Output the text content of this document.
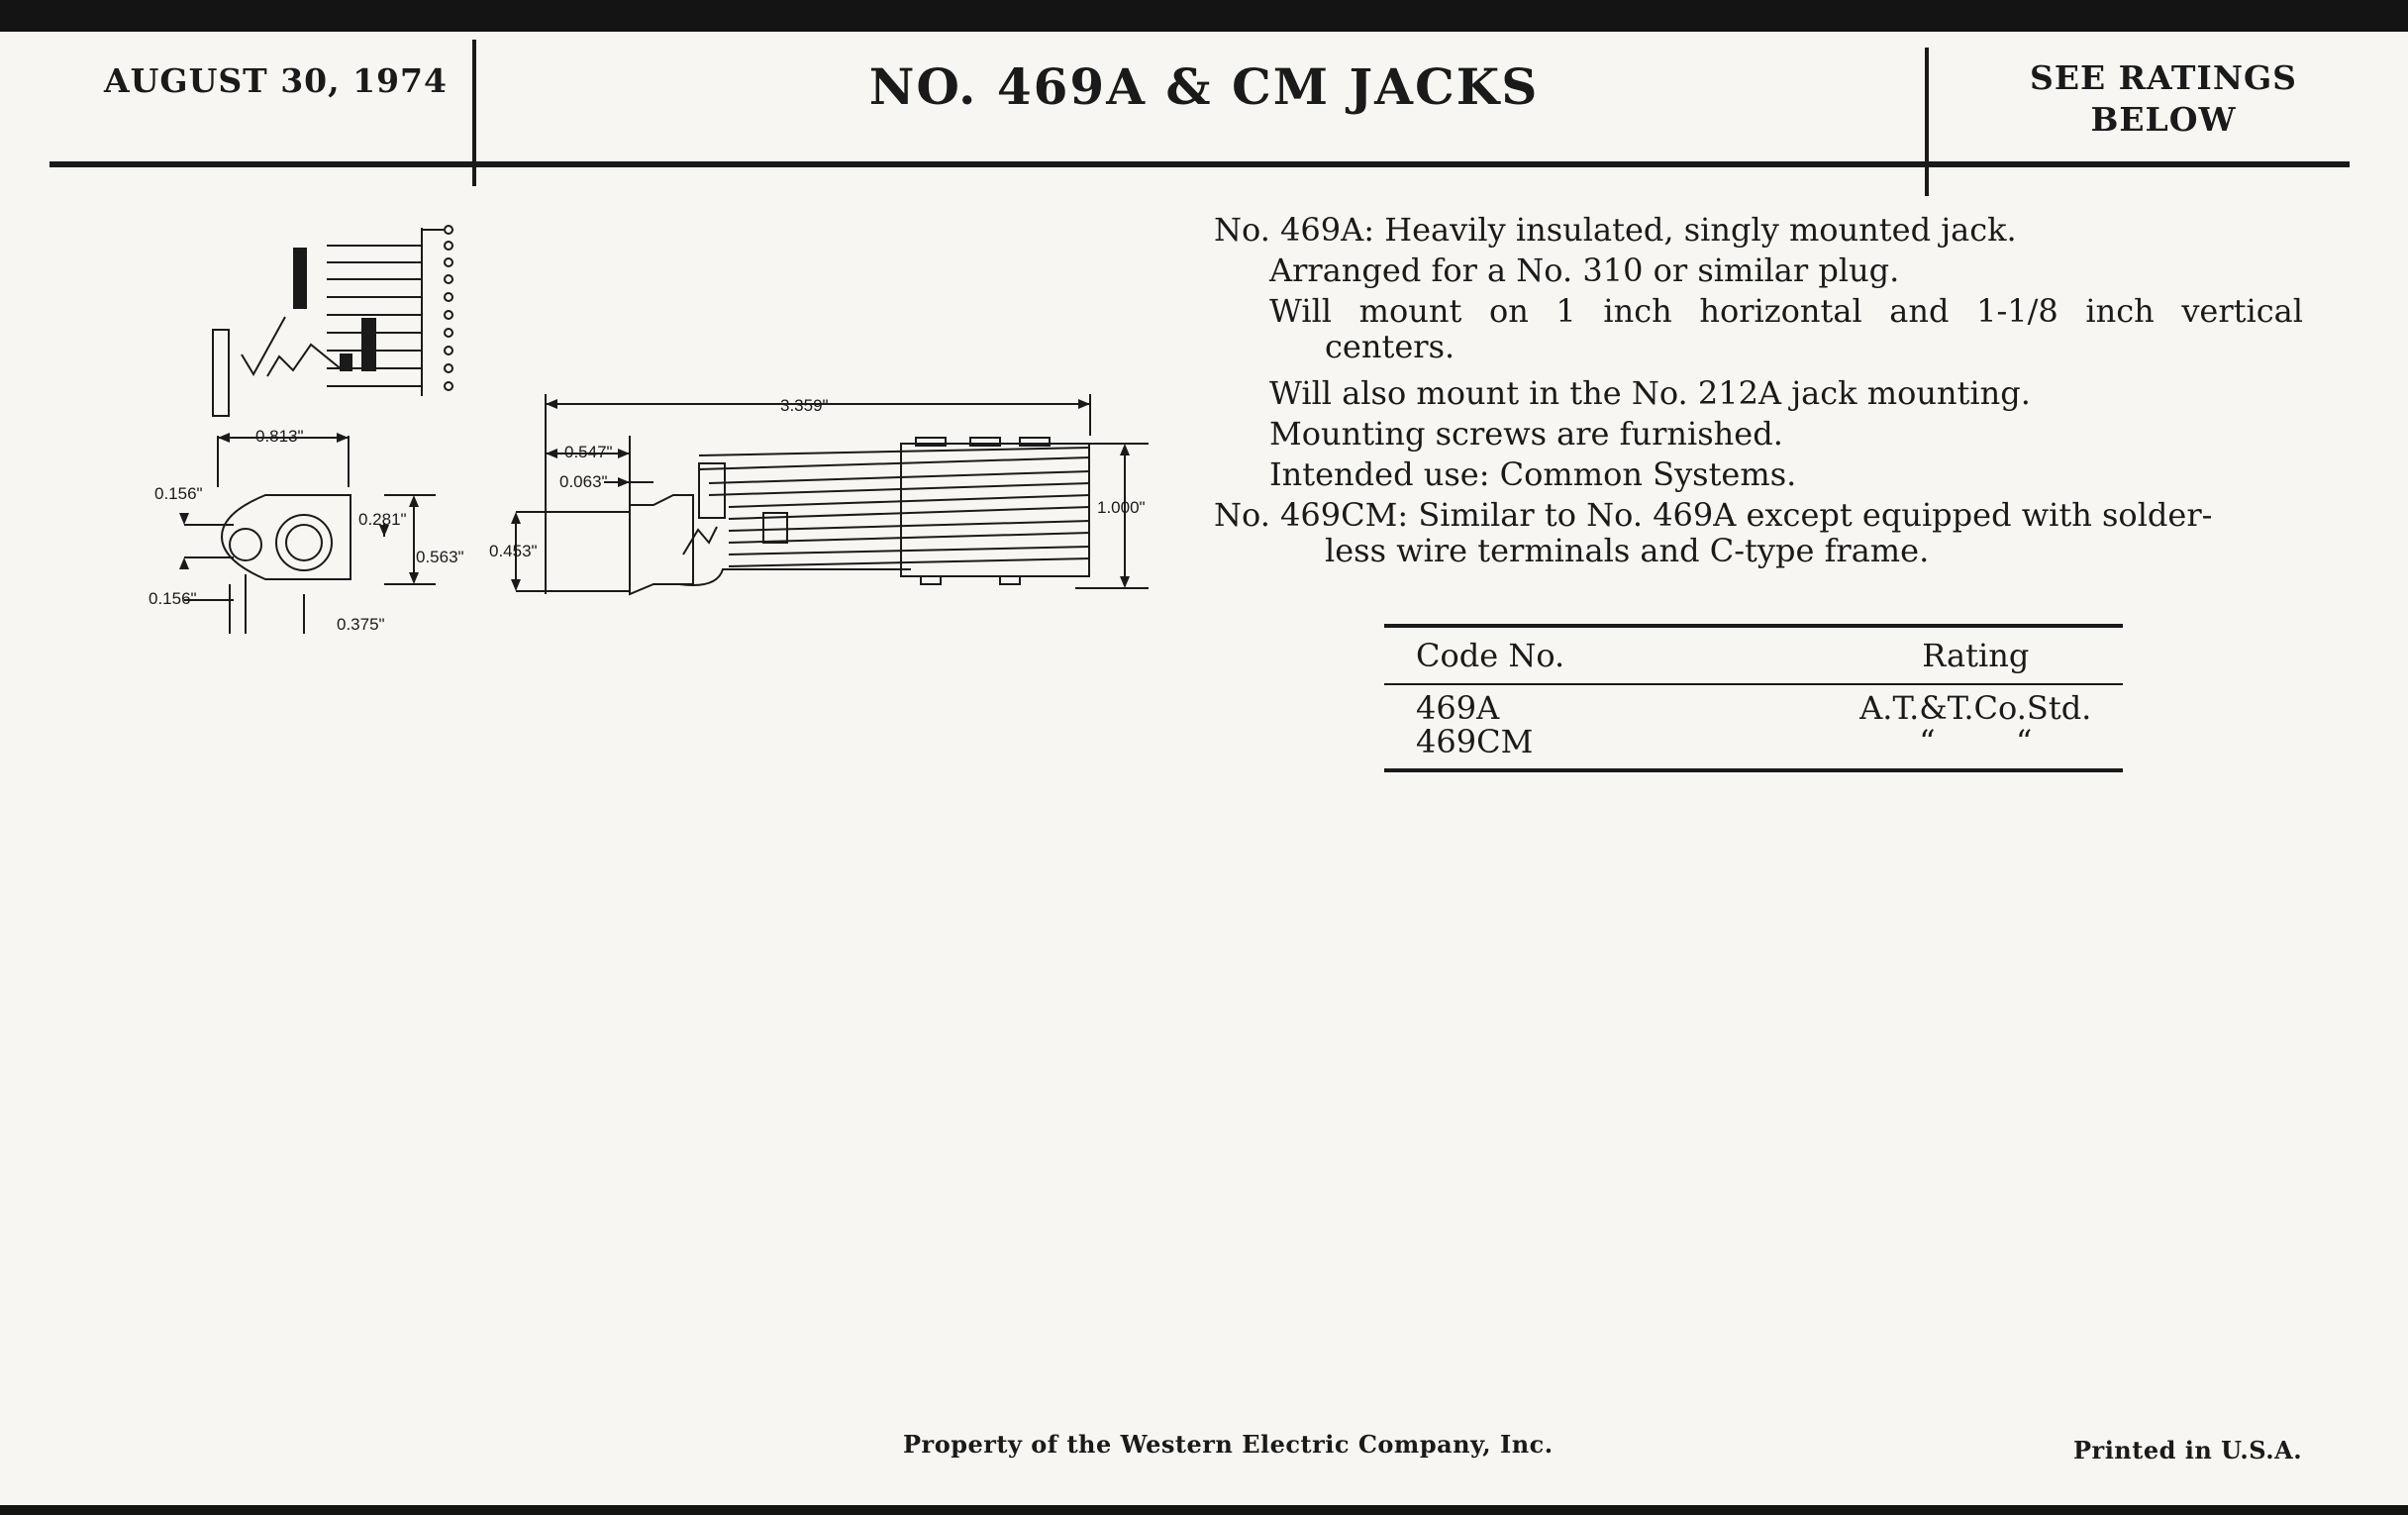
AUGUST 30, 1974	NO. 469A & CM JACKS	SEE RATINGS
BELOW
0.813"
0.156"
0.281"
0.563"
0.156"
0.375"
3.359"
0.547"
0.063"
0.453"
1.000"
No. 469A: Heavily insulated, singly mounted jack.
Arranged for a No. 310 or similar plug.
Will mount on 1 inch horizontal and 1-1/8 inch vertical
centers.
Will also mount in the No. 212A jack mounting.
Mounting screws are furnished.
Intended use: Common Systems.
No. 469CM: Similar to No. 469A except equipped with solder-
less wire terminals and C-type frame.
Code No.	Rating
469A	A.T.&T.Co.Std.
469CM	“        “
Property of the Western Electric Company, Inc.	Printed in U.S.A.
